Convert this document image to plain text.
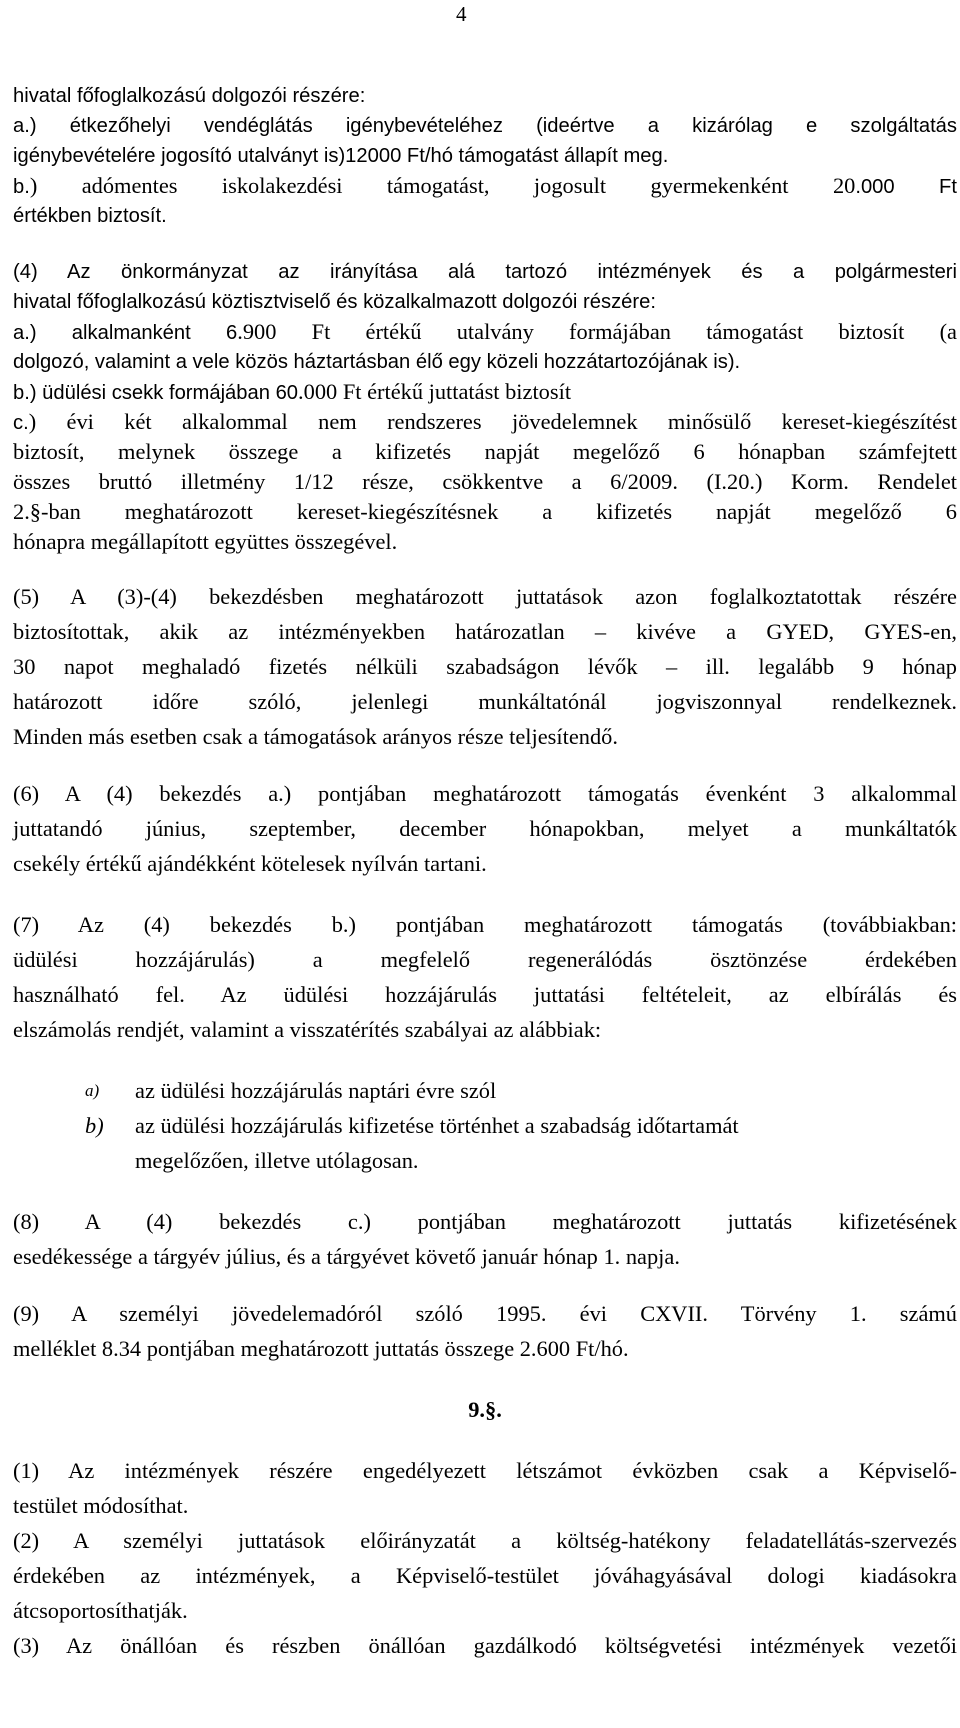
4
hivatal főfoglalkozású dolgozói részére:
a.) étkezőhelyi vendéglátás igénybevételéhez (ideértve a kizárólag e szolgáltatás
igénybevételére jogosító utalványt is)12000 Ft/hó támogatást állapít meg.
b.) adómentes iskolakezdési támogatást, jogosult gyermekenként 20.000 Ft
értékben biztosít.
(4) Az önkormányzat az irányítása alá tartozó intézmények és a polgármesteri
hivatal főfoglalkozású köztisztviselő és közalkalmazott dolgozói részére:
a.) alkalmanként 6.900 Ft értékű utalvány formájában támogatást biztosít (a
dolgozó, valamint a vele közös háztartásban élő egy közeli hozzátartozójának is).
b.) üdülési csekk formájában 60.000 Ft értékű juttatást biztosít
c.) évi két alkalommal nem rendszeres jövedelemnek minősülő kereset-kiegészítést
biztosít, melynek összege a kifizetés napját megelőző 6 hónapban számfejtett
összes bruttó illetmény 1/12 része, csökkentve a 6/2009. (I.20.) Korm. Rendelet
2.§-ban meghatározott kereset-kiegészítésnek a kifizetés napját megelőző 6
hónapra megállapított együttes összegével.
(5) A (3)-(4) bekezdésben meghatározott juttatások azon foglalkoztatottak részére
biztosítottak, akik az intézményekben határozatlan – kivéve a GYED, GYES-en,
30 napot meghaladó fizetés nélküli szabadságon lévők – ill. legalább 9 hónap
határozott időre szóló, jelenlegi munkáltatónál jogviszonnyal rendelkeznek.
Minden más esetben csak a támogatások arányos része teljesítendő.
(6) A (4) bekezdés a.) pontjában meghatározott támogatás évenként 3 alkalommal
juttatandó június, szeptember, december hónapokban, melyet a munkáltatók
csekély értékű ajándékként kötelesek nyílván tartani.
(7) Az (4) bekezdés b.) pontjában meghatározott támogatás (továbbiakban:
üdülési hozzájárulás) a megfelelő regenerálódás ösztönzése érdekében
használható fel. Az üdülési hozzájárulás juttatási feltételeit, az elbírálás és
elszámolás rendjét, valamint a visszatérítés szabályai az alábbiak:
a)	az üdülési hozzájárulás naptári évre szól
b)	az üdülési hozzájárulás kifizetése történhet a szabadság időtartamát
megelőzően, illetve utólagosan.
(8) A (4) bekezdés c.) pontjában meghatározott juttatás kifizetésének
esedékessége a tárgyév július, és a tárgyévet követő január hónap 1. napja.
(9) A személyi jövedelemadóról szóló 1995. évi CXVII. Törvény 1. számú
melléklet 8.34 pontjában meghatározott juttatás összege 2.600 Ft/hó.
9.§.
(1) Az intézmények részére engedélyezett létszámot évközben csak a Képviselő-
testület módosíthat.
(2) A személyi juttatások előirányzatát a költség-hatékony feladatellátás-szervezés
érdekében az intézmények, a Képviselő-testület jóváhagyásával dologi kiadásokra
átcsoportosíthatják.
(3) Az önállóan és részben önállóan gazdálkodó költségvetési intézmények vezetői
